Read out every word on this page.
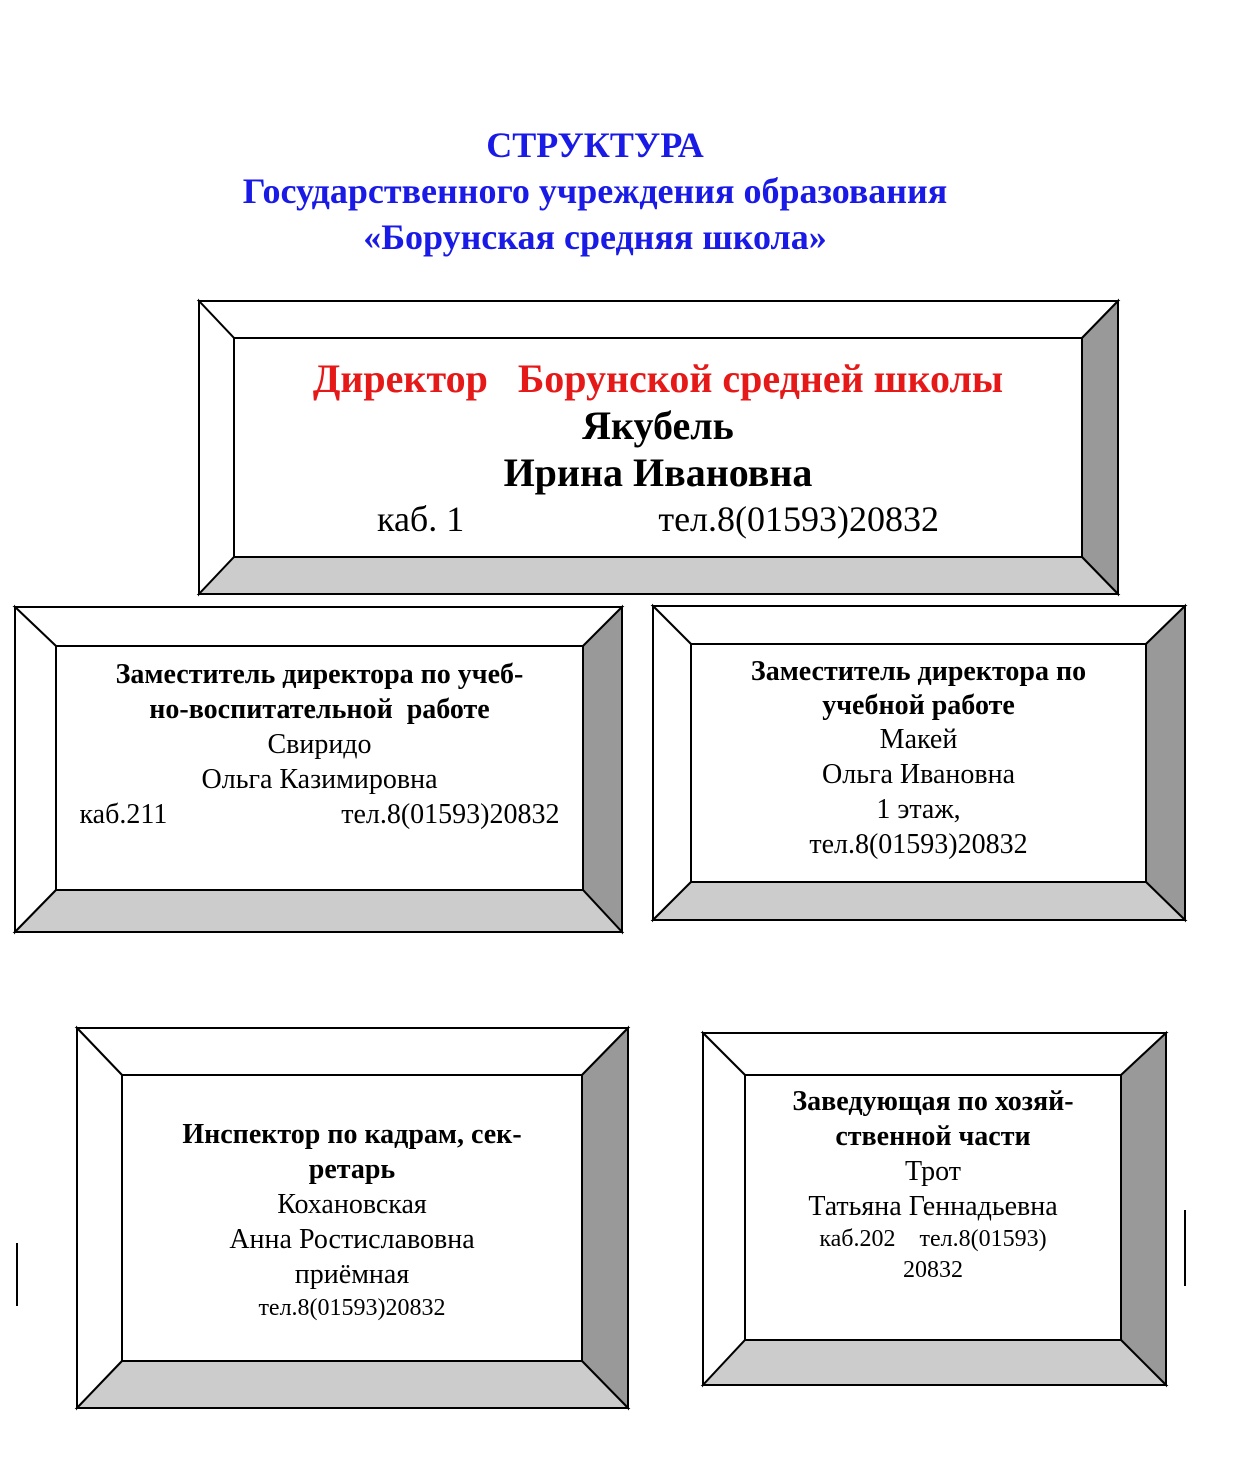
СТРУКТУРА
Государственного учреждения образования
«Борунская средняя школа»
Директор   Борунской средней школы
Якубель
Ирина Ивановна
каб. 1	тел.8(01593)20832
Заместитель директора по учеб-
но-воспитательной  работе
Свиридо
Ольга Казимировна
каб.211	тел.8(01593)20832
Заместитель директора по
учебной работе
Макей
Ольга Ивановна
1 этаж,
тел.8(01593)20832
Инспектор по кадрам, сек-
ретарь
Кохановская
Анна Ростиславовна
приёмная
тел.8(01593)20832
Заведующая по хозяй-
ственной части
Трот
Татьяна Геннадьевна
каб.202    тел.8(01593)
20832
